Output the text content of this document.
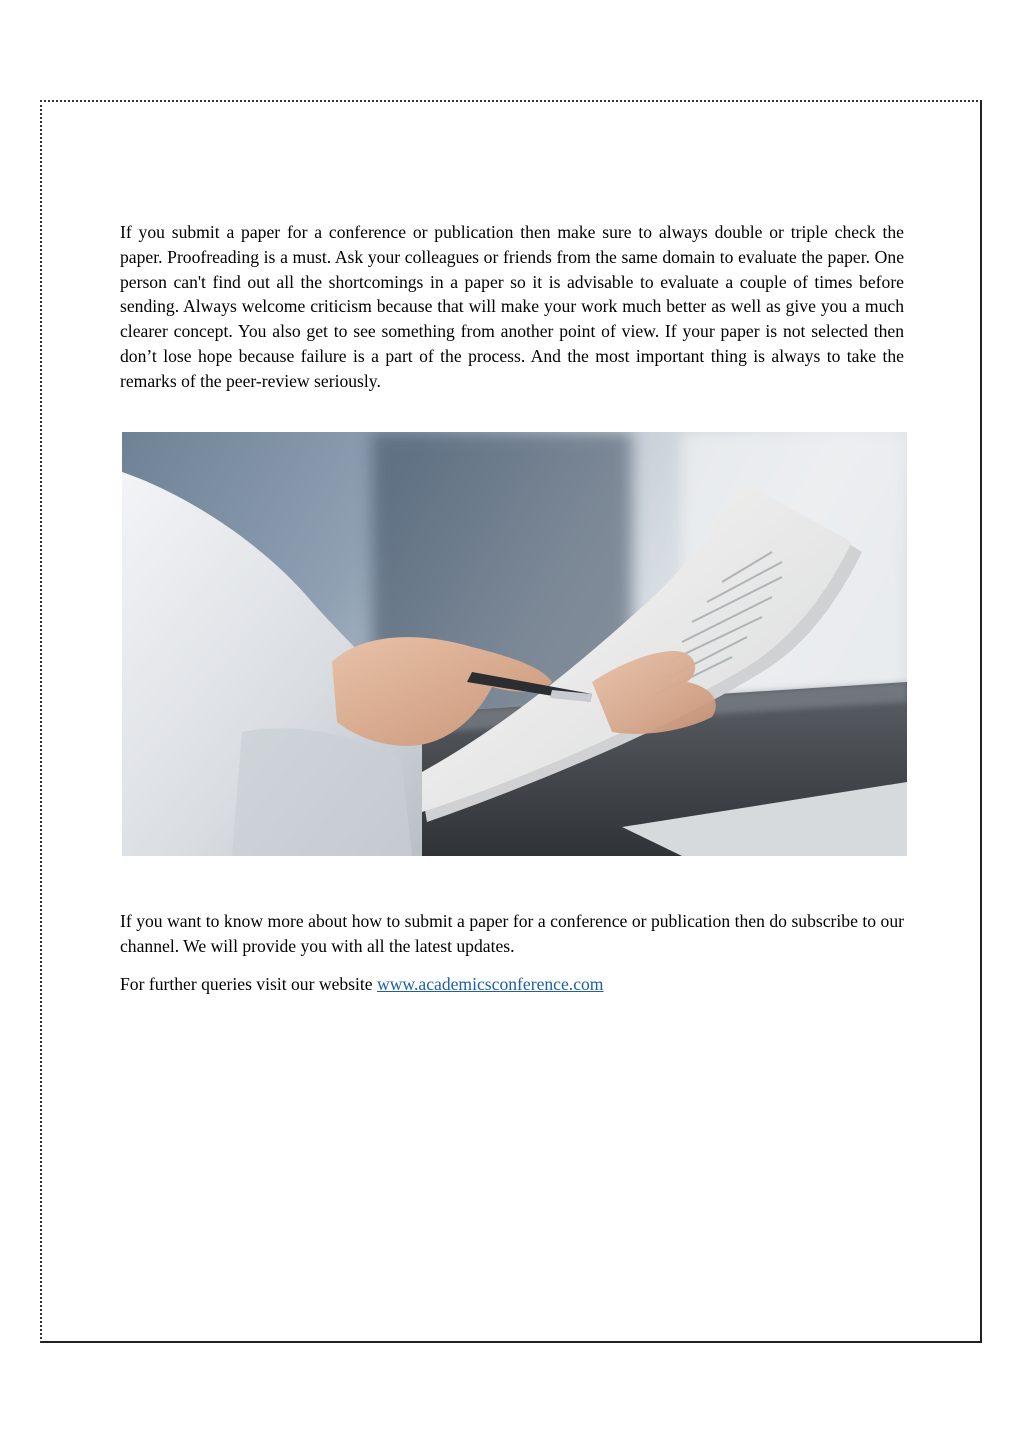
If you submit a paper for a conference or publication then make sure to always double or triple check the paper. Proofreading is a must. Ask your colleagues or friends from the same domain to evaluate the paper. One person can't find out all the shortcomings in a paper so it is advisable to evaluate a couple of times before sending. Always welcome criticism because that will make your work much better as well as give you a much clearer concept. You also get to see something from another point of view. If your paper is not selected then don’t lose hope because failure is a part of the process. And the most important thing is always to take the remarks of the peer-review seriously.

If you want to know more about how to submit a paper for a conference or publication then do subscribe to our channel. We will provide you with all the latest updates.

For further queries visit our website www.academicsconference.com
